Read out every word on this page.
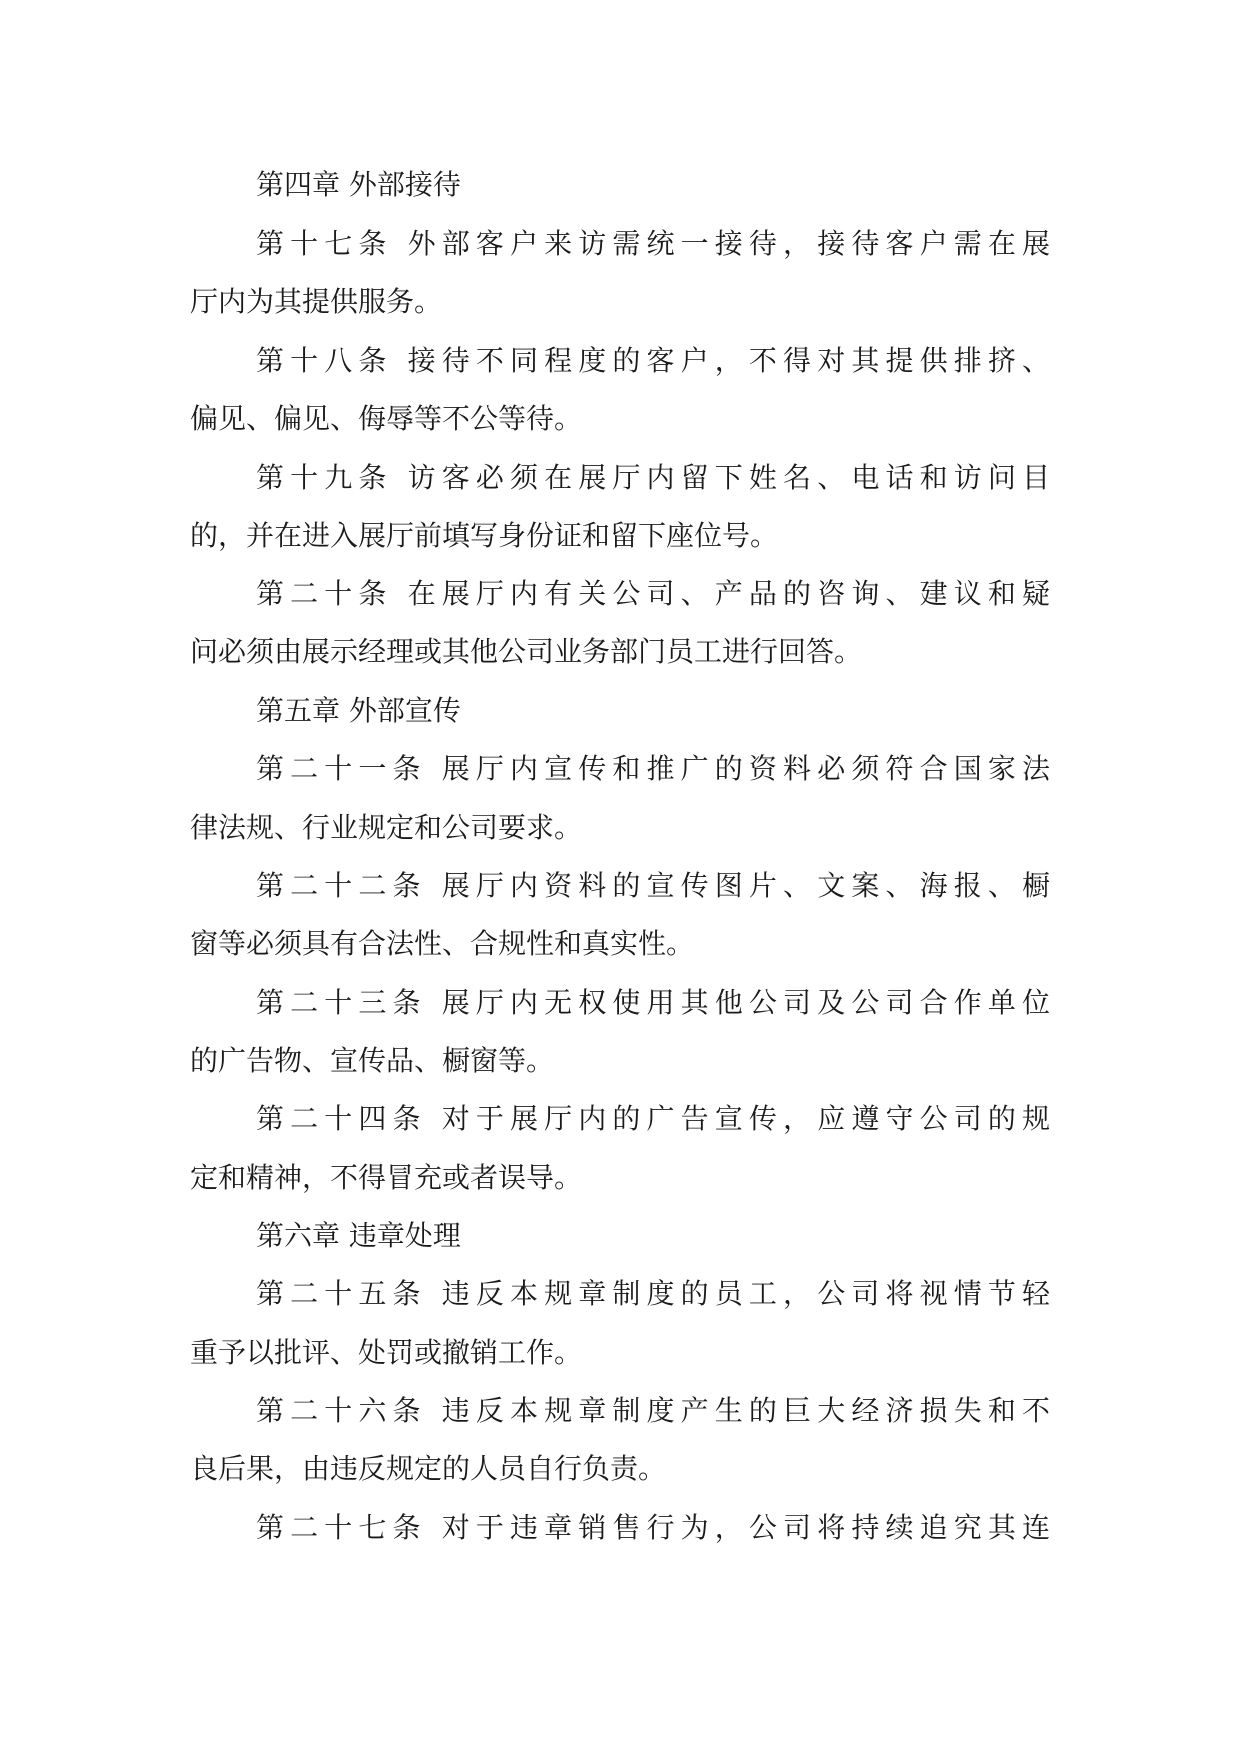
第四章 外部接待
第十七条 外部客户来访需统一接待，接待客户需在展
厅内为其提供服务。
第十八条 接待不同程度的客户，不得对其提供排挤、
偏见、偏见、侮辱等不公等待。
第十九条 访客必须在展厅内留下姓名、电话和访问目
的，并在进入展厅前填写身份证和留下座位号。
第二十条 在展厅内有关公司、产品的咨询、建议和疑
问必须由展示经理或其他公司业务部门员工进行回答。
第五章 外部宣传
第二十一条 展厅内宣传和推广的资料必须符合国家法
律法规、行业规定和公司要求。
第二十二条 展厅内资料的宣传图片、文案、海报、橱
窗等必须具有合法性、合规性和真实性。
第二十三条 展厅内无权使用其他公司及公司合作单位
的广告物、宣传品、橱窗等。
第二十四条 对于展厅内的广告宣传，应遵守公司的规
定和精神，不得冒充或者误导。
第六章 违章处理
第二十五条 违反本规章制度的员工，公司将视情节轻
重予以批评、处罚或撤销工作。
第二十六条 违反本规章制度产生的巨大经济损失和不
良后果，由违反规定的人员自行负责。
第二十七条 对于违章销售行为，公司将持续追究其连
